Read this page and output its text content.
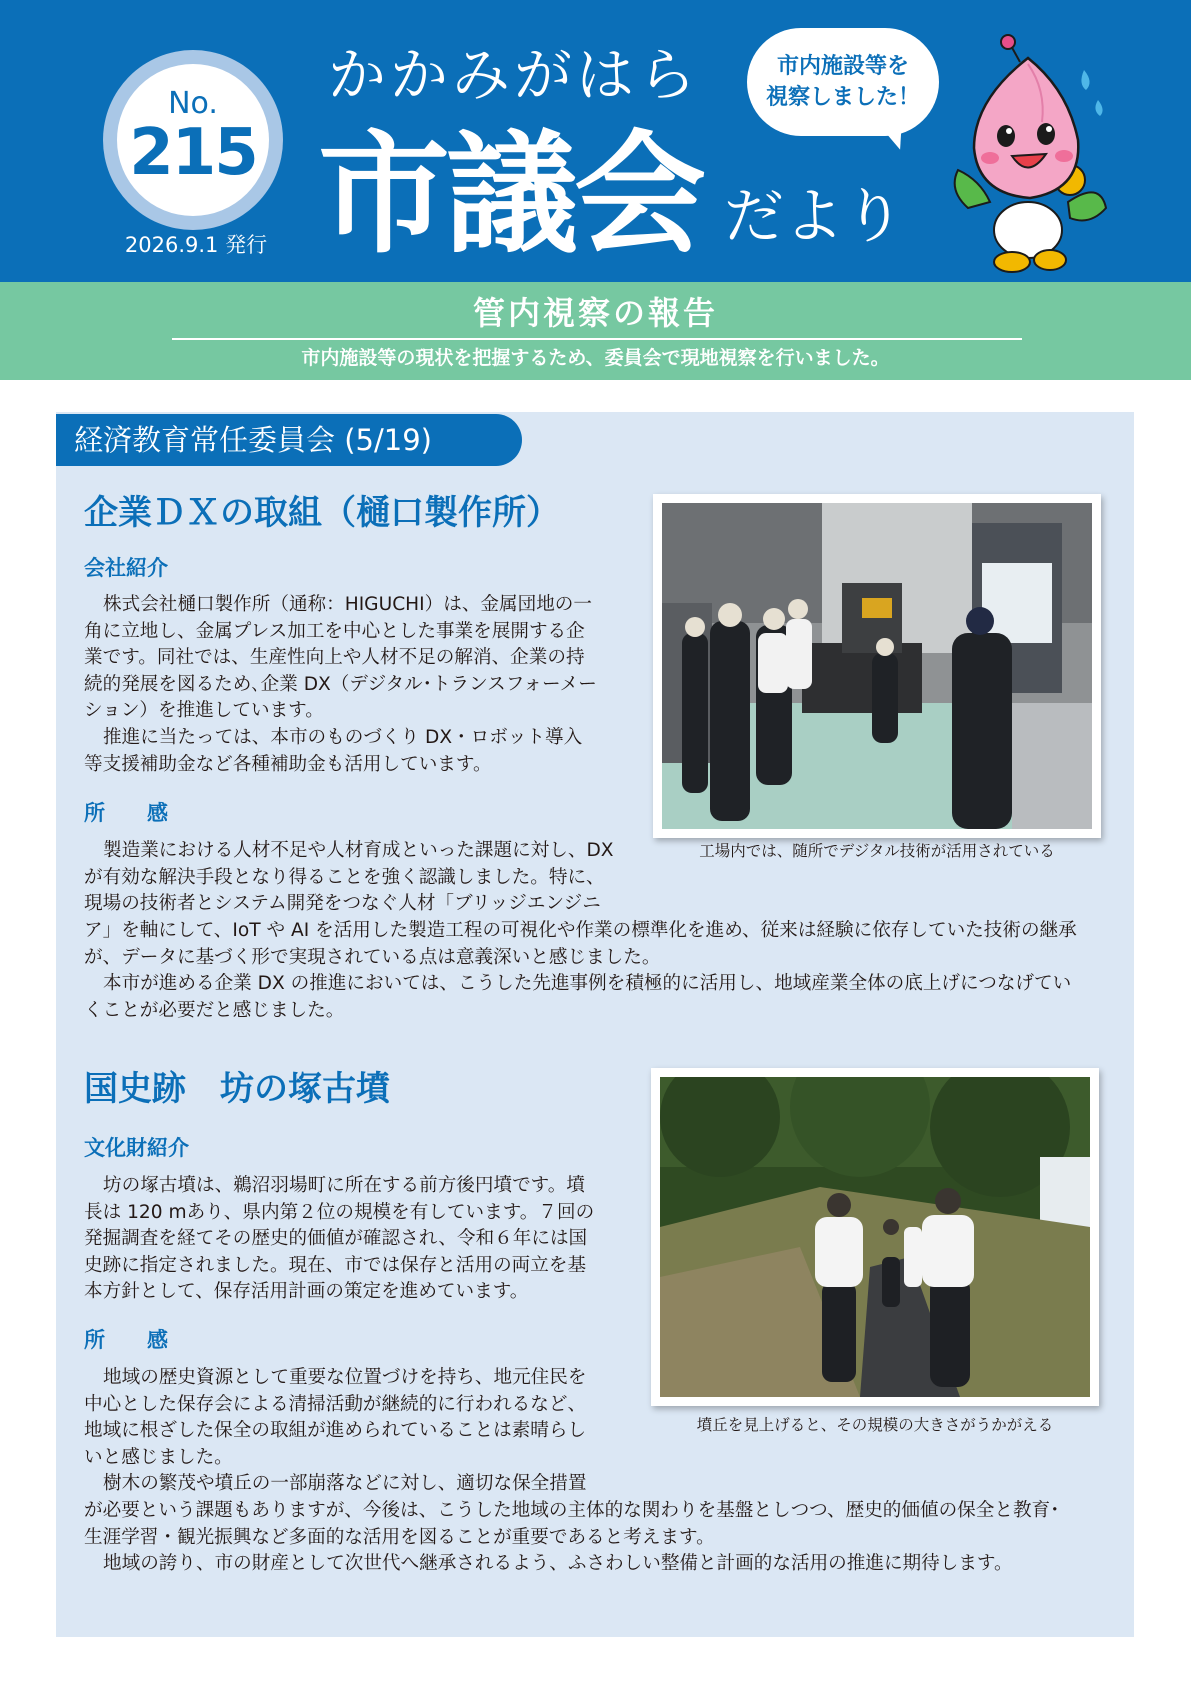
No.
215
2026.9.1 発行
かかみがはら
市議会 だより
市内施設等を
視察しました！
管内視察の報告
市内施設等の現状を把握するため、委員会で現地視察を行いました。
経済教育常任委員会 (5/19)
企業ＤＸの取組（樋口製作所）
会社紹介
株式会社樋口製作所（通称：HIGUCHI）は、金属団地の一
角に立地し、金属プレス加工を中心とした事業を展開する企
業です。同社では、生産性向上や人材不足の解消、企業の持
続的発展を図るため､企業 DX（デジタル･トランスフォーメー
ション）を推進しています。
推進に当たっては、本市のものづくり DX・ロボット導入
等支援補助金など各種補助金も活用しています。
所　　感
製造業における人材不足や人材育成といった課題に対し、DX
が有効な解決手段となり得ることを強く認識しました。特に、
現場の技術者とシステム開発をつなぐ人材「ブリッジエンジニ
ア」を軸にして、IoT や AI を活用した製造工程の可視化や作業の標準化を進め、従来は経験に依存していた技術の継承
が、データに基づく形で実現されている点は意義深いと感じました。
本市が進める企業 DX の推進においては、こうした先進事例を積極的に活用し、地域産業全体の底上げにつなげてい
くことが必要だと感じました。
工場内では、随所でデジタル技術が活用されている
国史跡　坊の塚古墳
文化財紹介
坊の塚古墳は、鵜沼羽場町に所在する前方後円墳です。墳
長は 120 mあり、県内第２位の規模を有しています。７回の
発掘調査を経てその歴史的価値が確認され、令和６年には国
史跡に指定されました。現在、市では保存と活用の両立を基
本方針として、保存活用計画の策定を進めています。
所　　感
地域の歴史資源として重要な位置づけを持ち、地元住民を
中心とした保存会による清掃活動が継続的に行われるなど、
地域に根ざした保全の取組が進められていることは素晴らし
いと感じました。
樹木の繁茂や墳丘の一部崩落などに対し、適切な保全措置
が必要という課題もありますが、今後は、こうした地域の主体的な関わりを基盤としつつ、歴史的価値の保全と教育･
生涯学習・観光振興など多面的な活用を図ることが重要であると考えます。
地域の誇り、市の財産として次世代へ継承されるよう、ふさわしい整備と計画的な活用の推進に期待します。
墳丘を見上げると、その規模の大きさがうかがえる
